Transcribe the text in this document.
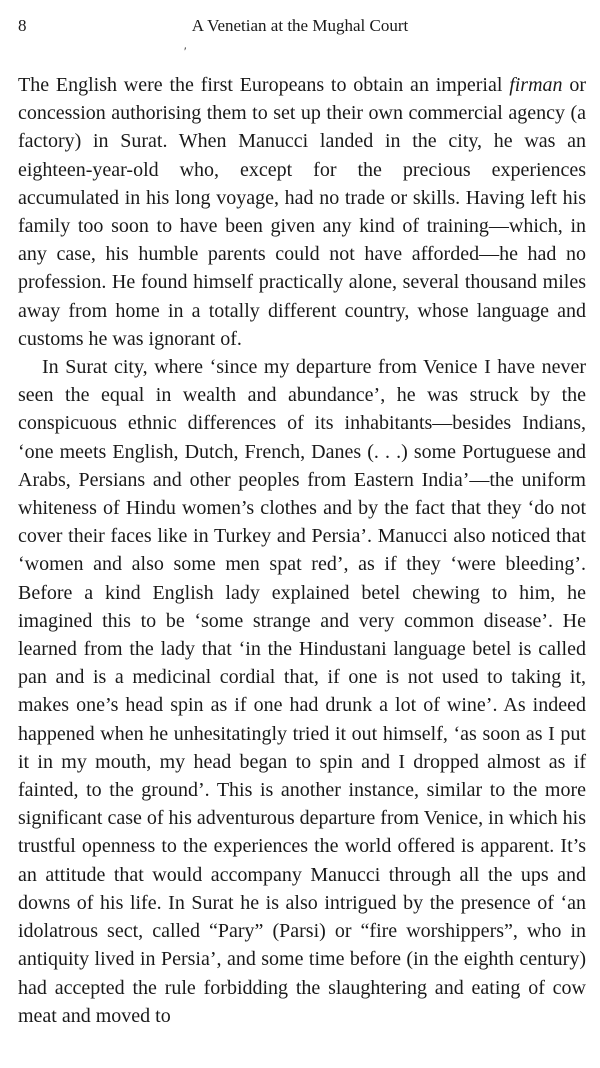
8	A Venetian at the Mughal Court
′

The English were the first Europeans to obtain an imperial firman or concession authorising them to set up their own commercial agency (a factory) in Surat. When Manucci landed in the city, he was an eighteen-year-old who, except for the precious experiences accumulated in his long voyage, had no trade or skills. Having left his family too soon to have been given any kind of training—which, in any case, his humble parents could not have afforded—he had no profession. He found himself practically alone, several thousand miles away from home in a totally different country, whose language and customs he was ignorant of.

In Surat city, where ‘since my departure from Venice I have never seen the equal in wealth and abundance’, he was struck by the conspicuous ethnic differences of its inhabitants—besides Indians, ‘one meets English, Dutch, French, Danes (. . .) some Portuguese and Arabs, Persians and other peoples from Eastern India’—the uniform whiteness of Hindu women’s clothes and by the fact that they ‘do not cover their faces like in Turkey and Persia’. Manucci also noticed that ‘women and also some men spat red’, as if they ‘were bleeding’. Before a kind English lady explained betel chewing to him, he imagined this to be ‘some strange and very common disease’. He learned from the lady that ‘in the Hindustani language betel is called pan and is a medicinal cordial that, if one is not used to taking it, makes one’s head spin as if one had drunk a lot of wine’. As indeed happened when he unhesitatingly tried it out himself, ‘as soon as I put it in my mouth, my head began to spin and I dropped almost as if fainted, to the ground’. This is another instance, similar to the more significant case of his adventurous departure from Venice, in which his trustful openness to the experiences the world offered is apparent. It’s an attitude that would accompany Manucci through all the ups and downs of his life. In Surat he is also intrigued by the presence of ‘an idolatrous sect, called “Pary” (Parsi) or “fire worshippers”, who in antiquity lived in Persia’, and some time before (in the eighth century) had accepted the rule forbidding the slaughtering and eating of cow meat and moved to
